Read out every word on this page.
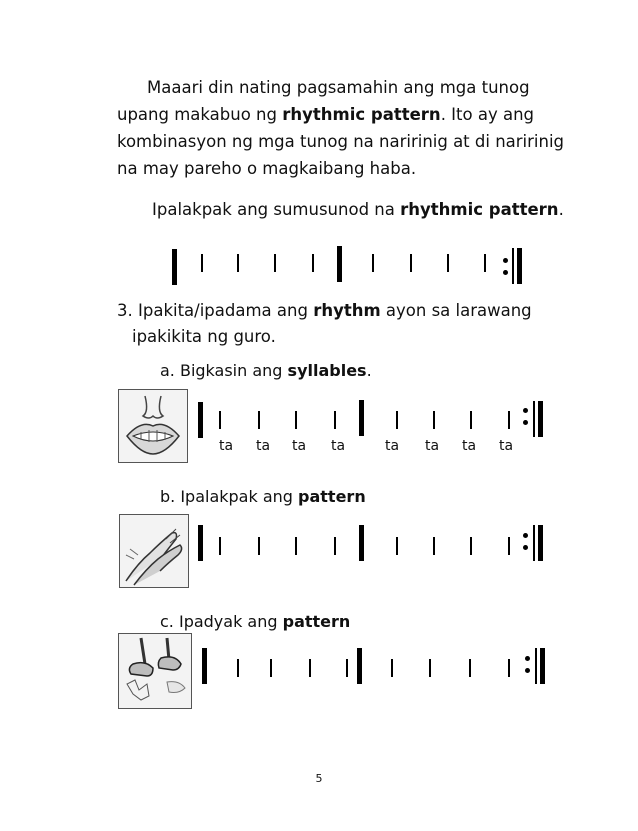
Maaari din nating pagsamahin ang mga tunog
upang makabuo ng rhythmic pattern. Ito ay ang
kombinasyon ng mga tunog na naririnig at di naririnig
na may pareho o magkaibang haba.
Ipalakpak ang sumusunod na rhythmic pattern.
3. Ipakita/ipadama ang rhythm ayon sa larawang
ipakikita ng guro.
a. Bigkasin ang syllables.
ta ta ta ta	ta ta ta ta
b. Ipalakpak ang pattern
c. Ipadyak ang pattern
5
